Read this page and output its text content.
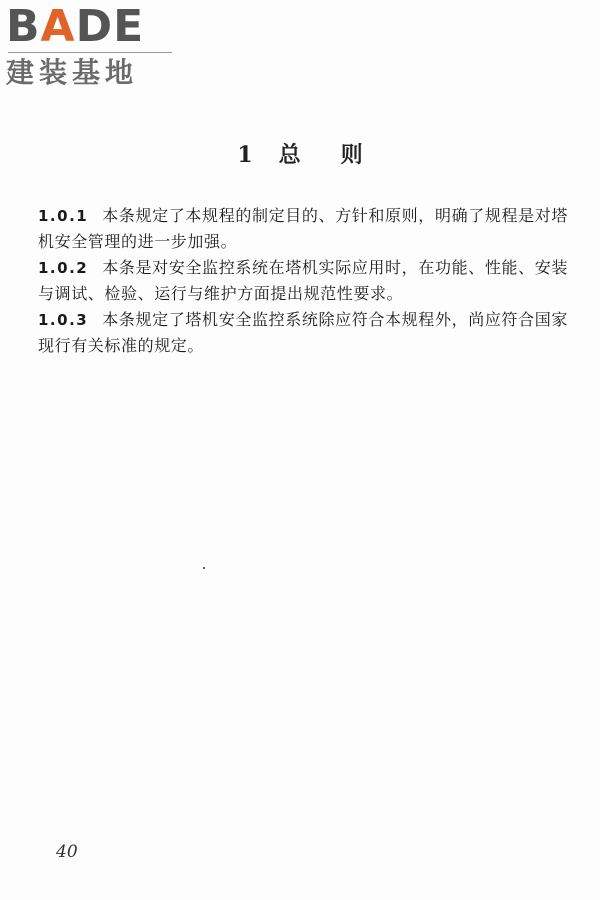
BADE
建装基地
1 总 则
1.0.1 本条规定了本规程的制定目的、方针和原则，明确了规程是对塔机安全管理的进一步加强。
1.0.2 本条是对安全监控系统在塔机实际应用时，在功能、性能、安装与调试、检验、运行与维护方面提出规范性要求。
1.0.3 本条规定了塔机安全监控系统除应符合本规程外，尚应符合国家现行有关标准的规定。
40
